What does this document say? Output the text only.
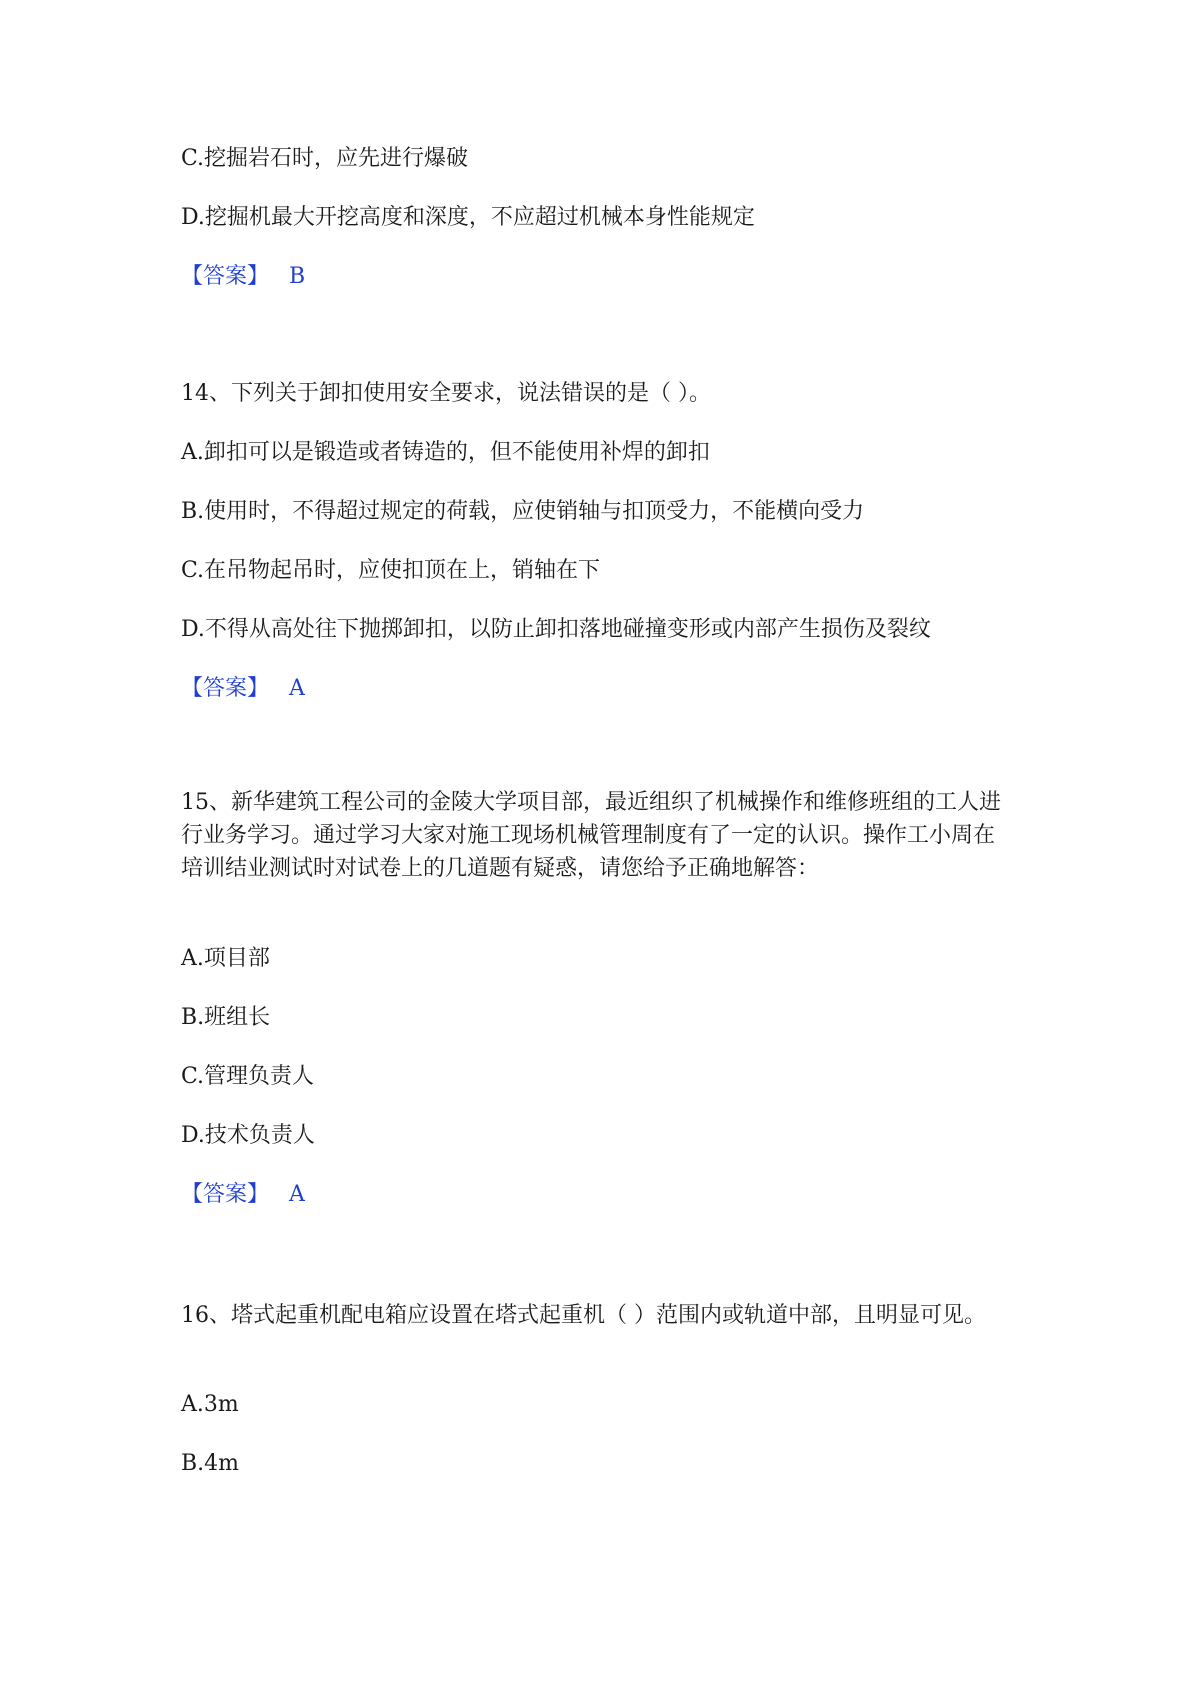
C.挖掘岩石时，应先进行爆破
D.挖掘机最大开挖高度和深度，不应超过机械本身性能规定
【答案】 B
14、下列关于卸扣使用安全要求，说法错误的是（ ）。
A.卸扣可以是锻造或者铸造的，但不能使用补焊的卸扣
B.使用时，不得超过规定的荷载，应使销轴与扣顶受力，不能横向受力
C.在吊物起吊时，应使扣顶在上，销轴在下
D.不得从高处往下抛掷卸扣，以防止卸扣落地碰撞变形或内部产生损伤及裂纹
【答案】 A
15、新华建筑工程公司的金陵大学项目部，最近组织了机械操作和维修班组的工人进行业务学习。通过学习大家对施工现场机械管理制度有了一定的认识。操作工小周在培训结业测试时对试卷上的几道题有疑惑，请您给予正确地解答：
A.项目部
B.班组长
C.管理负责人
D.技术负责人
【答案】 A
16、塔式起重机配电箱应设置在塔式起重机（ ）范围内或轨道中部，且明显可见。
A.3m
B.4m
